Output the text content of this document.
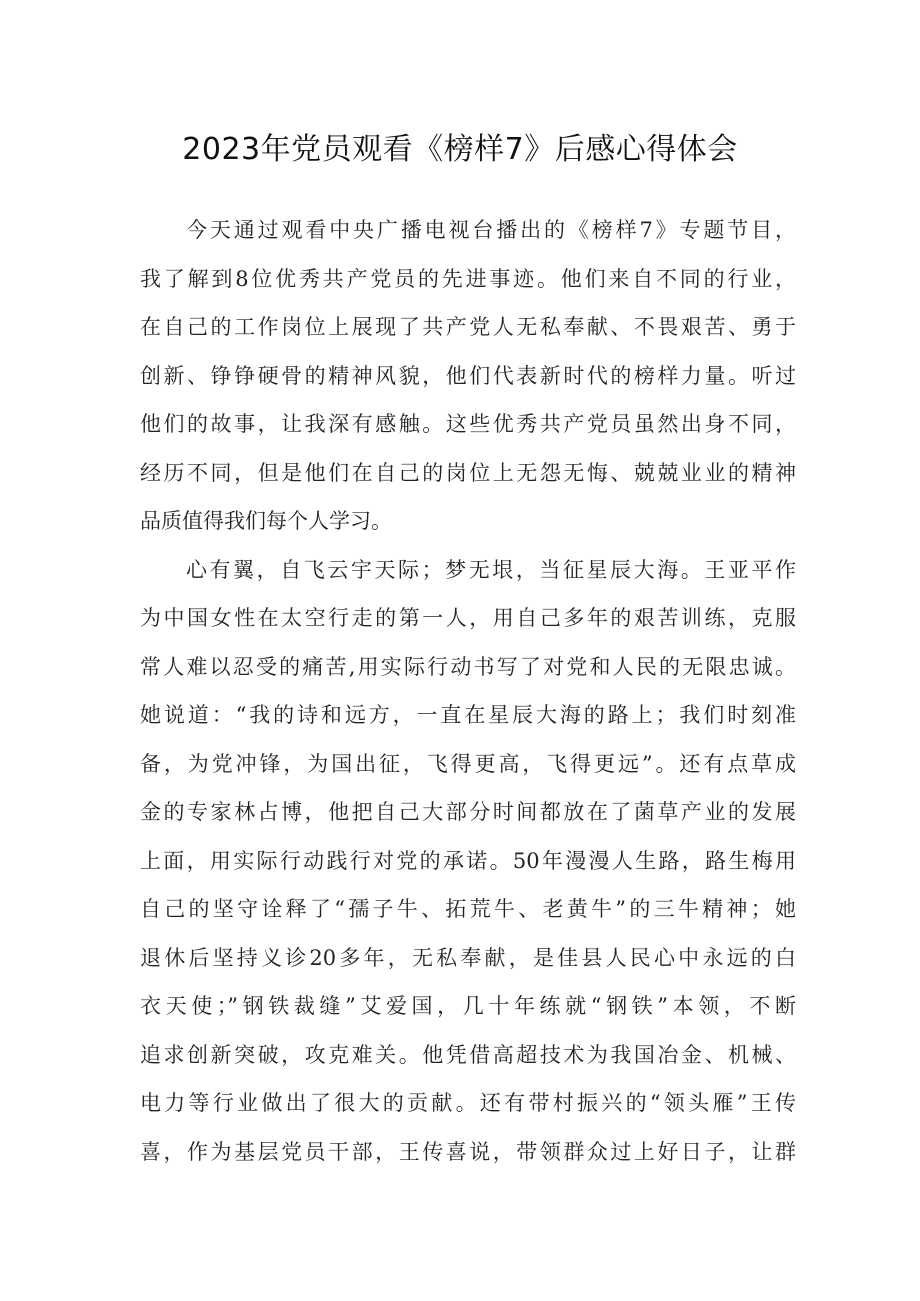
2023年党员观看《榜样7》后感心得体会
今天通过观看中央广播电视台播出的《榜样7》专题节目，
我了解到8位优秀共产党员的先进事迹。他们来自不同的行业，
在自己的工作岗位上展现了共产党人无私奉献、不畏艰苦、勇于
创新、铮铮硬骨的精神风貌，他们代表新时代的榜样力量。听过
他们的故事，让我深有感触。这些优秀共产党员虽然出身不同，
经历不同，但是他们在自己的岗位上无怨无悔、兢兢业业的精神
品质值得我们每个人学习。
心有翼，自飞云宇天际；梦无垠，当征星辰大海。王亚平作
为中国女性在太空行走的第一人，用自己多年的艰苦训练，克服
常人难以忍受的痛苦,用实际行动书写了对党和人民的无限忠诚。
她说道：“我的诗和远方，一直在星辰大海的路上；我们时刻准
备，为党冲锋，为国出征，飞得更高，飞得更远”。还有点草成
金的专家林占博，他把自己大部分时间都放在了菌草产业的发展
上面，用实际行动践行对党的承诺。50年漫漫人生路，路生梅用
自己的坚守诠释了“孺子牛、拓荒牛、老黄牛”的三牛精神；她
退休后坚持义诊20多年，无私奉献，是佳县人民心中永远的白
衣天使；”钢铁裁缝”艾爱国，几十年练就“钢铁”本领，不断
追求创新突破，攻克难关。他凭借高超技术为我国冶金、机械、
电力等行业做出了很大的贡献。还有带村振兴的“领头雁”王传
喜，作为基层党员干部，王传喜说，带领群众过上好日子，让群
